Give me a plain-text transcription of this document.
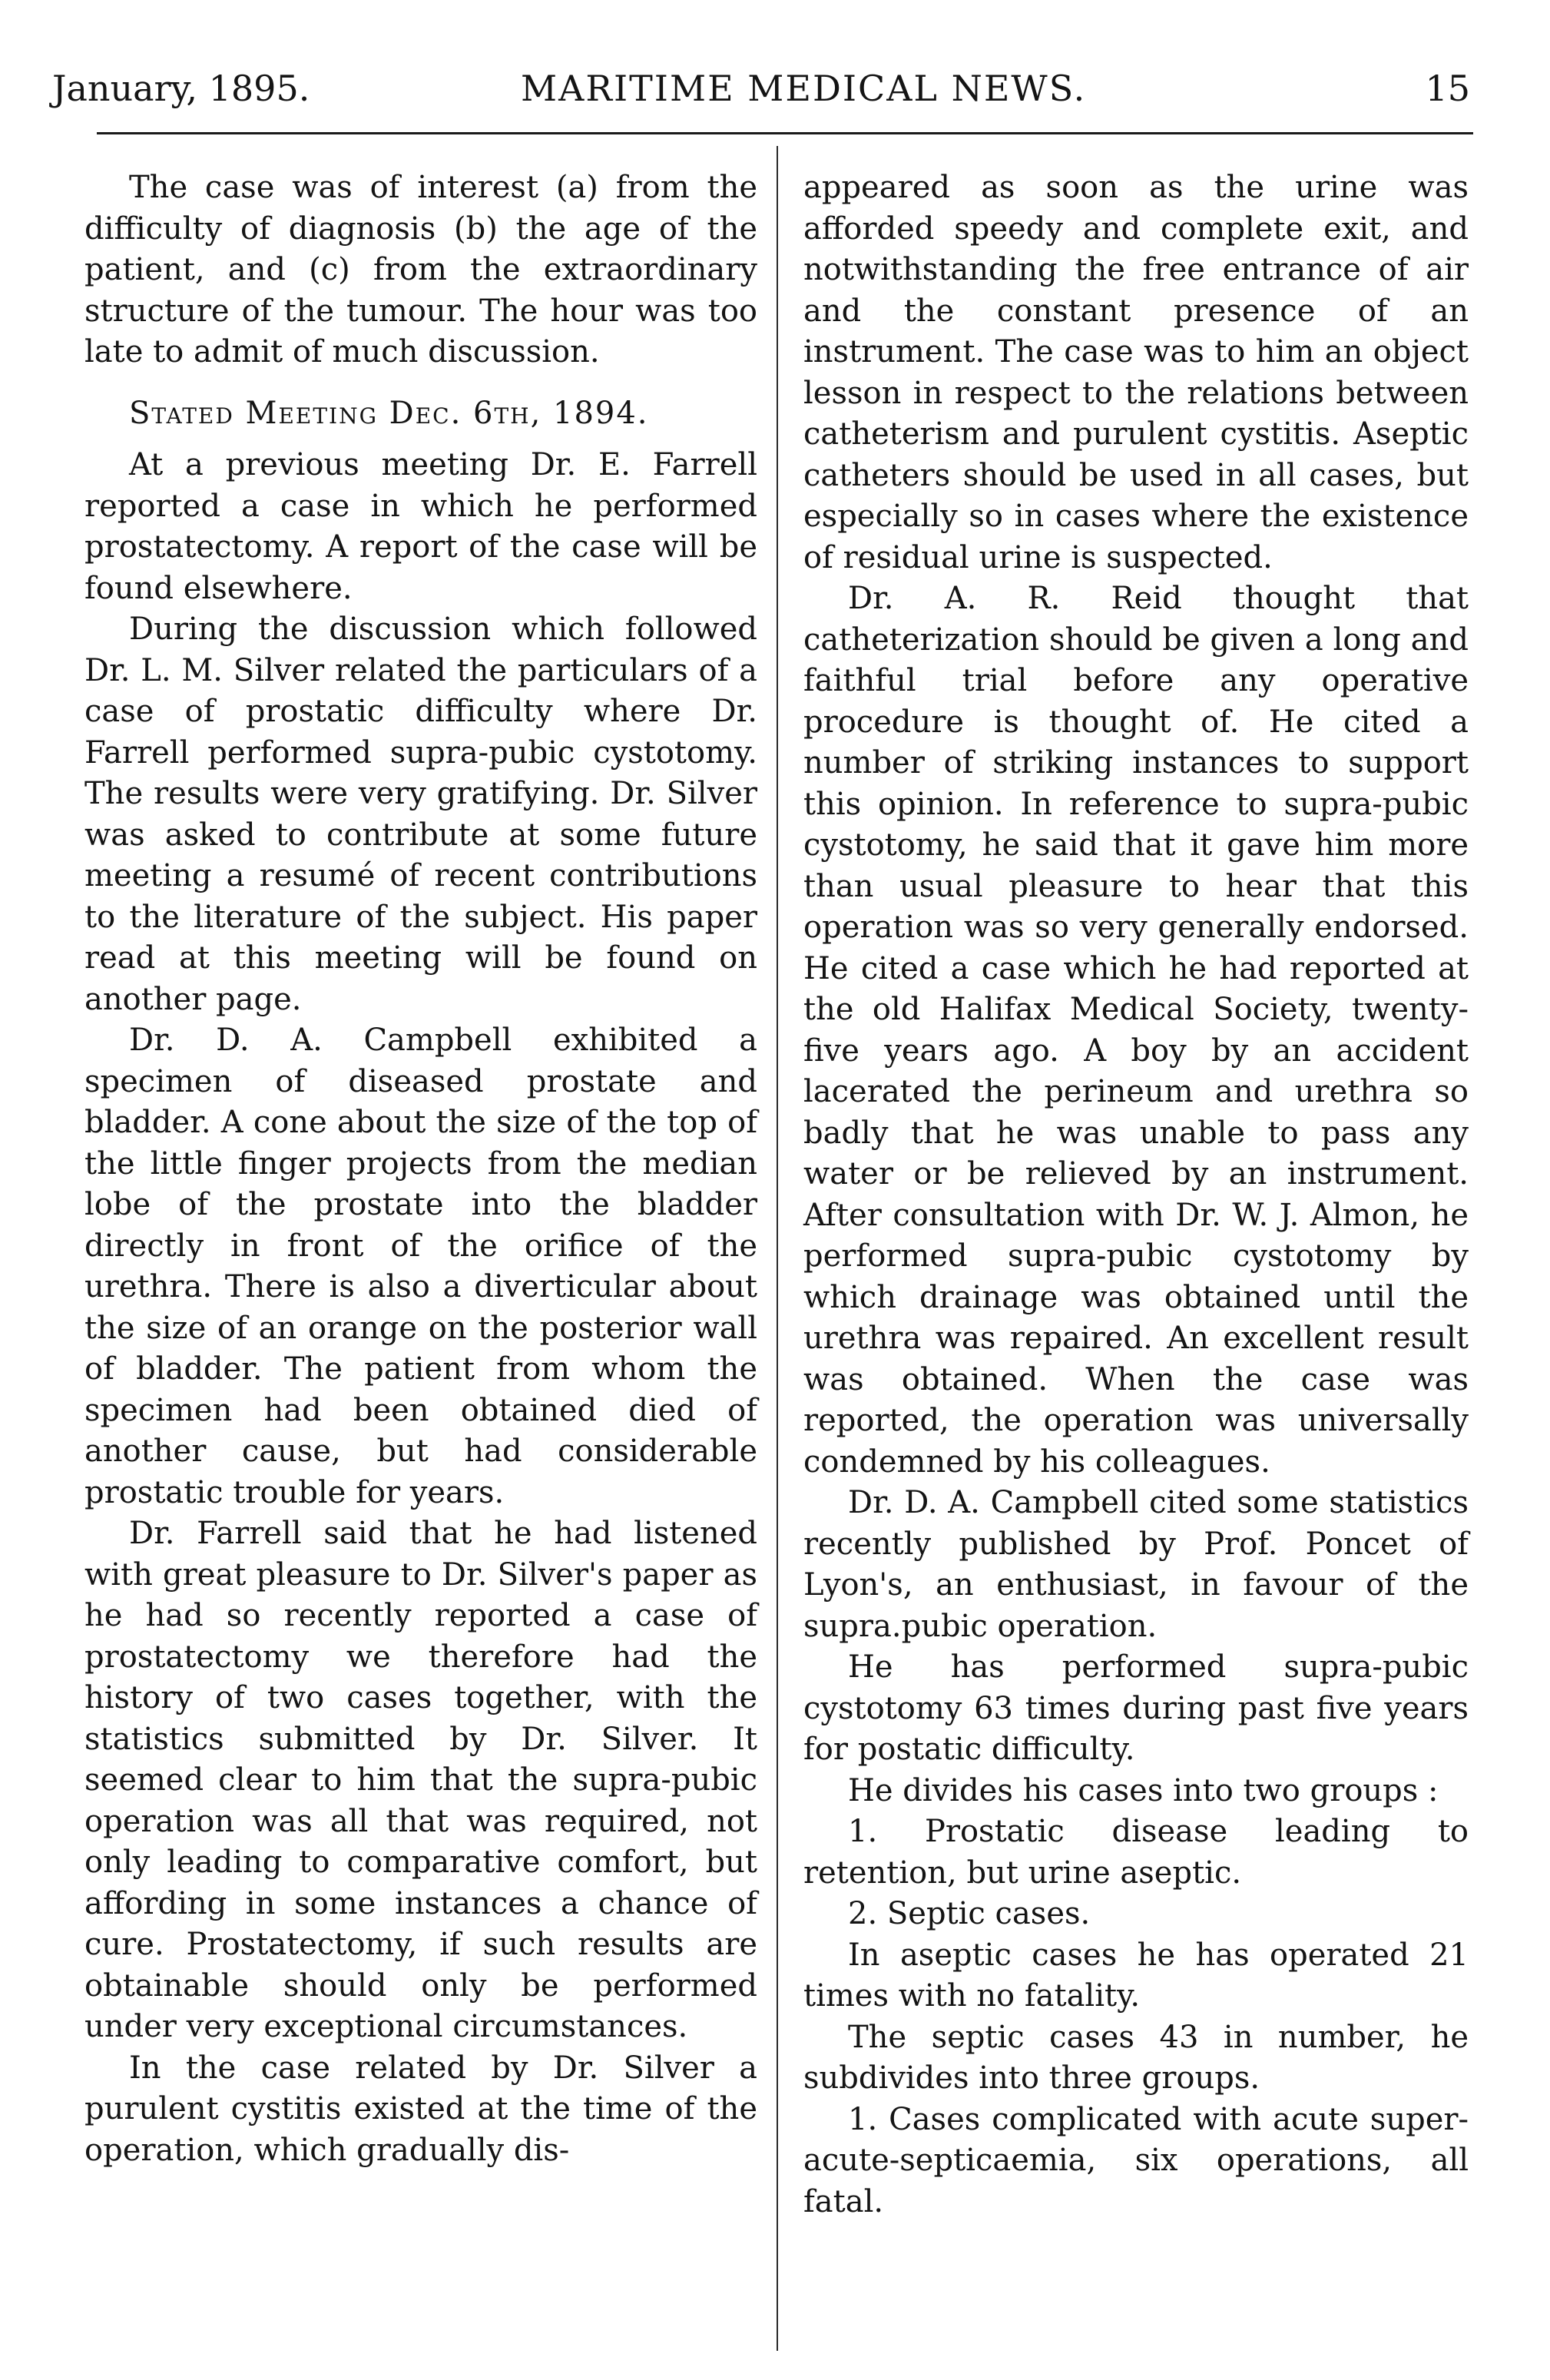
January, 1895.	MARITIME MEDICAL NEWS.	15

The case was of interest (a) from the difficulty of diagnosis (b) the age of the patient, and (c) from the extraordinary structure of the tumour. The hour was too late to admit of much discussion.

Stated Meeting Dec. 6th, 1894.

At a previous meeting Dr. E. Farrell reported a case in which he performed prostatectomy. A report of the case will be found elsewhere.

During the discussion which followed Dr. L. M. Silver related the particulars of a case of prostatic difficulty where Dr. Farrell performed supra-pubic cystotomy. The results were very gratifying. Dr. Silver was asked to contribute at some future meeting a resumé of recent contributions to the literature of the subject. His paper read at this meeting will be found on another page.

Dr. D. A. Campbell exhibited a specimen of diseased prostate and bladder. A cone about the size of the top of the little finger projects from the median lobe of the prostate into the bladder directly in front of the orifice of the urethra. There is also a diverticular about the size of an orange on the posterior wall of bladder. The patient from whom the specimen had been obtained died of another cause, but had considerable prostatic trouble for years.

Dr. Farrell said that he had listened with great pleasure to Dr. Silver's paper as he had so recently reported a case of prostatectomy we therefore had the history of two cases together, with the statistics submitted by Dr. Silver. It seemed clear to him that the supra-pubic operation was all that was required, not only leading to comparative comfort, but affording in some instances a chance of cure. Prostatectomy, if such results are obtainable should only be performed under very exceptional circumstances.

In the case related by Dr. Silver a purulent cystitis existed at the time of the operation, which gradually dis-

appeared as soon as the urine was afforded speedy and complete exit, and notwithstanding the free entrance of air and the constant presence of an instrument. The case was to him an object lesson in respect to the relations between catheterism and purulent cystitis. Aseptic catheters should be used in all cases, but especially so in cases where the existence of residual urine is suspected.

Dr. A. R. Reid thought that catheterization should be given a long and faithful trial before any operative procedure is thought of. He cited a number of striking instances to support this opinion. In reference to supra-pubic cystotomy, he said that it gave him more than usual pleasure to hear that this operation was so very generally endorsed. He cited a case which he had reported at the old Halifax Medical Society, twenty-five years ago. A boy by an accident lacerated the perineum and urethra so badly that he was unable to pass any water or be relieved by an instrument. After consultation with Dr. W. J. Almon, he performed supra-pubic cystotomy by which drainage was obtained until the urethra was repaired. An excellent result was obtained. When the case was reported, the operation was universally condemned by his colleagues.

Dr. D. A. Campbell cited some statistics recently published by Prof. Poncet of Lyon's, an enthusiast, in favour of the supra.pubic operation.

He has performed supra-pubic cystotomy 63 times during past five years for postatic difficulty.

He divides his cases into two groups :

1. Prostatic disease leading to retention, but urine aseptic.

2. Septic cases.

In aseptic cases he has operated 21 times with no fatality.

The septic cases 43 in number, he subdivides into three groups.

1. Cases complicated with acute super-acute-septicaemia, six operations, all fatal.
